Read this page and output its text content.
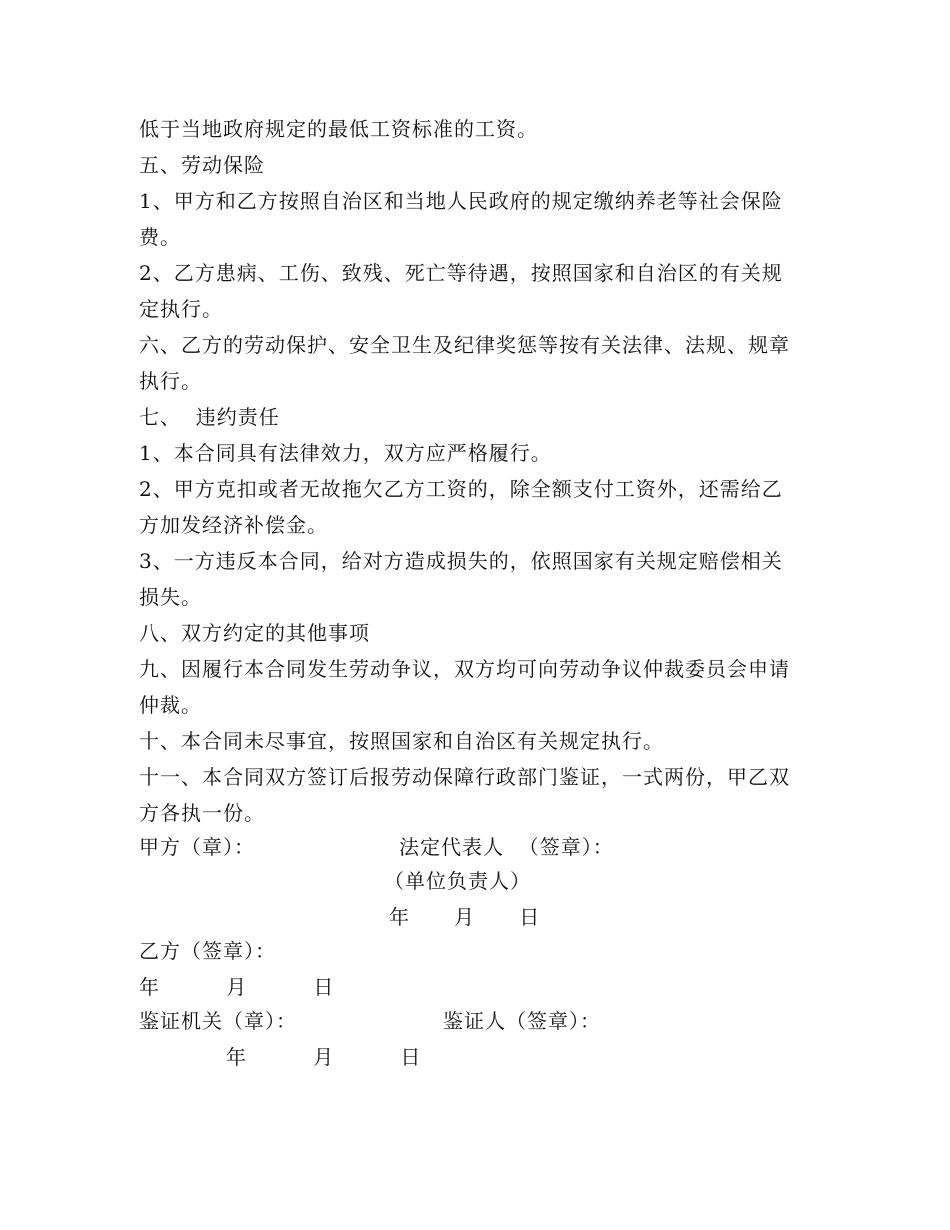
低于当地政府规定的最低工资标准的工资。
五、劳动保险
1、甲方和乙方按照自治区和当地人民政府的规定缴纳养老等社会保险
费。
2、乙方患病、工伤、致残、死亡等待遇，按照国家和自治区的有关规
定执行。
六、乙方的劳动保护、安全卫生及纪律奖惩等按有关法律、法规、规章
执行。
七、  违约责任
1、本合同具有法律效力，双方应严格履行。
2、甲方克扣或者无故拖欠乙方工资的，除全额支付工资外，还需给乙
方加发经济补偿金。
3、一方违反本合同，给对方造成损失的，依照国家有关规定赔偿相关
损失。
八、双方约定的其他事项
九、因履行本合同发生劳动争议，双方均可向劳动争议仲裁委员会申请
仲裁。
十、本合同未尽事宜，按照国家和自治区有关规定执行。
十一、本合同双方签订后报劳动保障行政部门鉴证，一式两份，甲乙双
方各执一份。
甲方（章）：	法定代表人  （签章）：
（单位负责人）
年      月      日
乙方（签章）：
年         月         日
鉴证机关（章）：	鉴证人（签章）：
年         月         日
